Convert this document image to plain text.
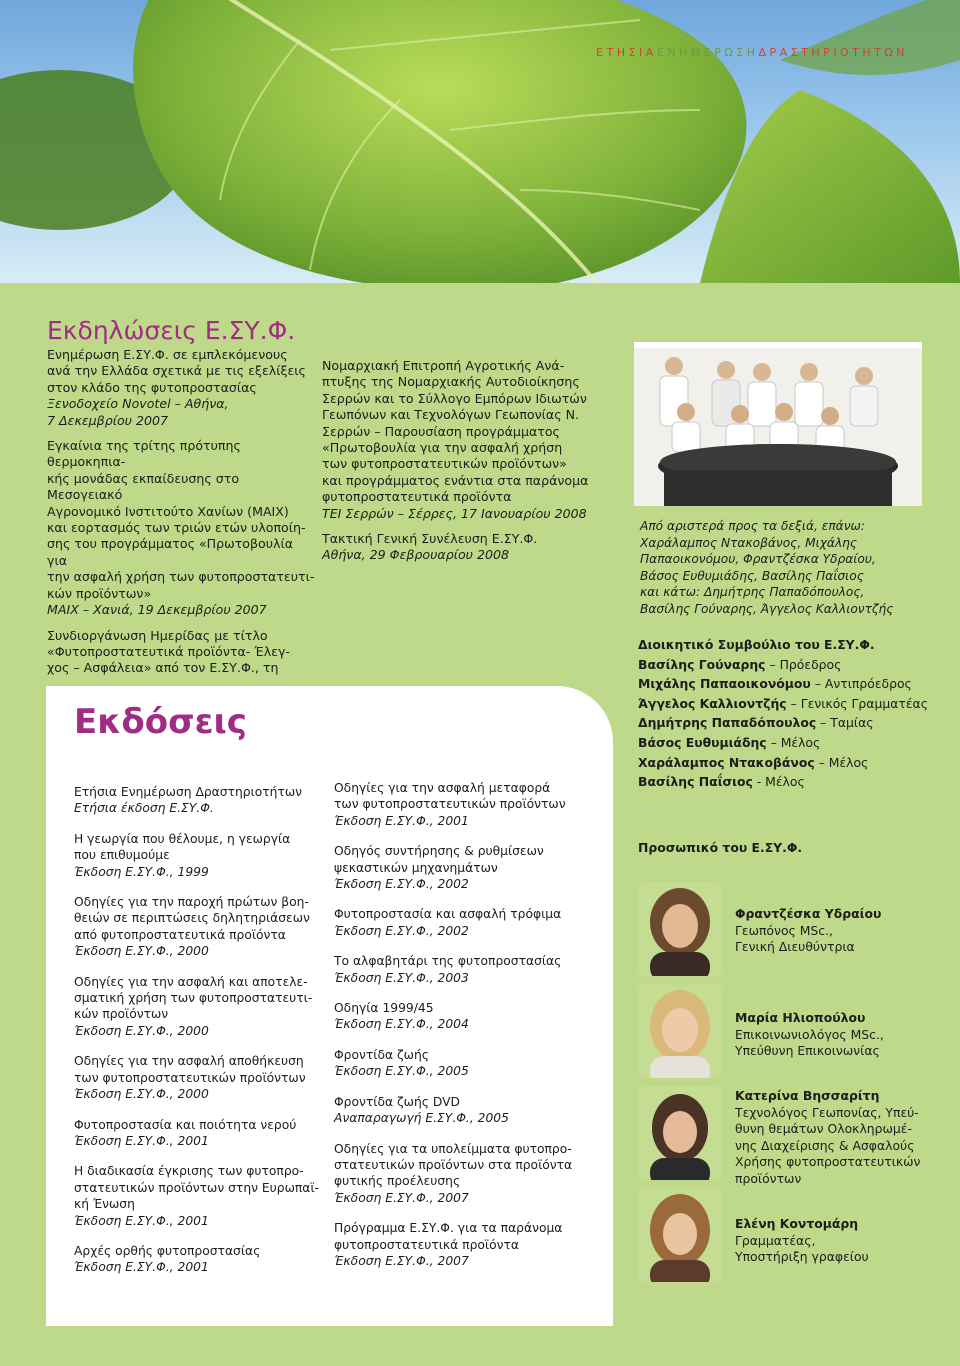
ΕΤΗΣΙΑΕΝΗΜΕΡΩΣΗΔΡΑΣΤΗΡΙΟΤΗΤΩΝ
Εκδηλώσεις Ε.ΣΥ.Φ.

Ενημέρωση Ε.ΣΥ.Φ. σε εμπλεκόμενους

ανά την Ελλάδα σχετικά με τις εξελίξεις

στον κλάδο της φυτοπροστασίας

Ξενοδοχείο Novotel – Αθήνα,

7 Δεκεμβρίου 2007

Εγκαίνια της τρίτης πρότυπης θερμοκηπια-

κής μονάδας εκπαίδευσης στο Μεσογειακό

Αγρονομικό Ινστιτούτο Χανίων (ΜΑΙΧ)

και εορτασμός των τριών ετών υλοποίη-

σης του προγράμματος «Πρωτοβουλία για

την ασφαλή χρήση των φυτοπροστατευτι-

κών προϊόντων»

ΜΑΙΧ – Χανιά, 19 Δεκεμβρίου 2007

Συνδιοργάνωση Ημερίδας με τίτλο

«Φυτοπροστατευτικά προϊόντα- Έλεγ-

χος – Ασφάλεια» από τον Ε.ΣΥ.Φ., τη

Νομαρχιακή Επιτροπή Αγροτικής Ανά-

πτυξης της Νομαρχιακής Αυτοδιοίκησης

Σερρών και το Σύλλογο Εμπόρων Ιδιωτών

Γεωπόνων και Τεχνολόγων Γεωπονίας Ν.

Σερρών – Παρουσίαση προγράμματος

«Πρωτοβουλία για την ασφαλή χρήση

των φυτοπροστατευτικών προϊόντων»

και προγράμματος ενάντια στα παράνομα

φυτοπροστατευτικά προϊόντα

ΤΕΙ Σερρών – Σέρρες, 17 Ιανουαρίου 2008

Τακτική Γενική Συνέλευση Ε.ΣΥ.Φ.

Αθήνα, 29 Φεβρουαρίου 2008

Από αριστερά προς τα δεξιά, επάνω:
Χαράλαμπος Ντακοβάνος, Μιχάλης
Παπαοικονόμου, Φραντζέσκα Υδραίου,
Βάσος Ευθυμιάδης, Βασίλης Παΐσιος
και κάτω: Δημήτρης Παπαδόπουλος,
Βασίλης Γούναρης, Άγγελος Καλλιοντζής
Διοικητικό Συμβούλιο του Ε.ΣΥ.Φ.
Βασίλης Γούναρης – Πρόεδρος
Μιχάλης Παπαοικονόμου – Αντιπρόεδρος
Άγγελος Καλλιοντζής – Γενικός Γραμματέας
Δημήτρης Παπαδόπουλος – Ταμίας
Βάσος Ευθυμιάδης – Μέλος
Χαράλαμπος Ντακοβάνος – Μέλος
Βασίλης Παΐσιος - Μέλος
Προσωπικό του Ε.ΣΥ.Φ.
Φραντζέσκα Υδραίου
Γεωπόνος MSc.,
Γενική Διευθύντρια
Μαρία Ηλιοπούλου
Επικοινωνιολόγος MSc.,
Υπεύθυνη Επικοινωνίας
Κατερίνα Βησσαρίτη
Τεχνολόγος Γεωπονίας, Υπεύ-
θυνη θεμάτων Ολοκληρωμέ-
νης Διαχείρισης & Ασφαλούς
Χρήσης φυτοπροστατευτικών
προϊόντων
Ελένη Κοντομάρη
Γραμματέας,
Υποστήριξη γραφείου
Εκδόσεις
Ετήσια Ενημέρωση Δραστηριοτήτων
Ετήσια έκδοση Ε.ΣΥ.Φ.
Η γεωργία που θέλουμε, η γεωργία
που επιθυμούμε
Έκδοση Ε.ΣΥ.Φ., 1999
Οδηγίες για την παροχή πρώτων βοη-
θειών σε περιπτώσεις δηλητηριάσεων
από φυτοπροστατευτικά προϊόντα
Έκδοση Ε.ΣΥ.Φ., 2000
Οδηγίες για την ασφαλή και αποτελε-
σματική χρήση των φυτοπροστατευτι-
κών προϊόντων
Έκδοση Ε.ΣΥ.Φ., 2000
Οδηγίες για την ασφαλή αποθήκευση
των φυτοπροστατευτικών προϊόντων
Έκδοση Ε.ΣΥ.Φ., 2000
Φυτοπροστασία και ποιότητα νερού
Έκδοση Ε.ΣΥ.Φ., 2001
Η διαδικασία έγκρισης των φυτοπρο-
στατευτικών προϊόντων στην Ευρωπαϊ-
κή Ένωση
Έκδοση Ε.ΣΥ.Φ., 2001
Αρχές ορθής φυτοπροστασίας
Έκδοση Ε.ΣΥ.Φ., 2001
Οδηγίες για την ασφαλή μεταφορά
των φυτοπροστατευτικών προϊόντων
Έκδοση Ε.ΣΥ.Φ., 2001
Οδηγός συντήρησης & ρυθμίσεων
ψεκαστικών μηχανημάτων
Έκδοση Ε.ΣΥ.Φ., 2002
Φυτοπροστασία και ασφαλή τρόφιμα
Έκδοση Ε.ΣΥ.Φ., 2002
Το αλφαβητάρι της φυτοπροστασίας
Έκδοση Ε.ΣΥ.Φ., 2003
Οδηγία 1999/45
Έκδοση Ε.ΣΥ.Φ., 2004
Φροντίδα ζωής
Έκδοση Ε.ΣΥ.Φ., 2005
Φροντίδα ζωής DVD
Αναπαραγωγή Ε.ΣΥ.Φ., 2005
Οδηγίες για τα υπολείμματα φυτοπρο-
στατευτικών προϊόντων στα προϊόντα
φυτικής προέλευσης
Έκδοση Ε.ΣΥ.Φ., 2007
Πρόγραμμα Ε.ΣΥ.Φ. για τα παράνομα
φυτοπροστατευτικά προϊόντα
Έκδοση Ε.ΣΥ.Φ., 2007
